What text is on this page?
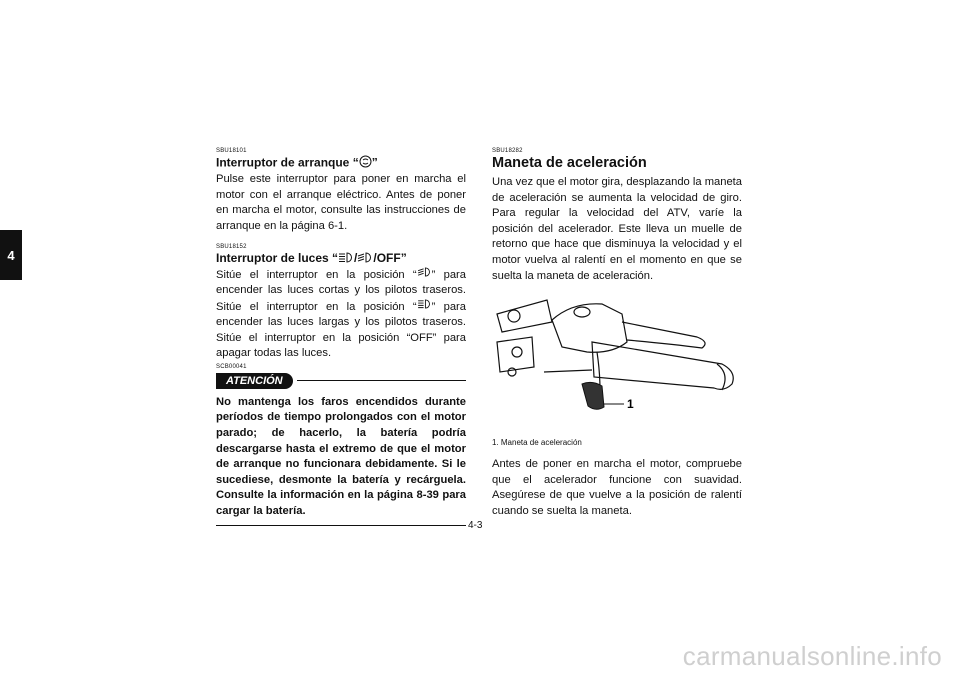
4

SBU18101

Interruptor de arranque “ ”

Pulse este interruptor para poner en marcha el motor con el arranque eléctrico. Antes de poner en marcha el motor, consulte las instrucciones de arranque en la página 6-1.

SBU18152

Interruptor de luces “ / /OFF”

Sitúe el interruptor en la posición “ ” para encender las luces cortas y los pilotos traseros. Sitúe el interruptor en la posición “ ” para encender las luces largas y los pilotos traseros. Sitúe el interruptor en la posición “OFF” para apagar todas las luces.

SCB00041

ATENCIÓN

No mantenga los faros encendidos durante períodos de tiempo prolongados con el motor parado; de hacerlo, la batería podría descargarse hasta el extremo de que el motor de arranque no funcionara debidamente. Si le sucediese, desmonte la batería y recárguela. Consulte la información en la página 8-39 para cargar la batería.

SBU18282

Maneta de aceleración

Una vez que el motor gira, desplazando la maneta de aceleración se aumenta la velocidad de giro. Para regular la velocidad del ATV, varíe la posición del acelerador. Este lleva un muelle de retorno que hace que disminuya la velocidad y el motor vuelva al ralentí en el momento en que se suelta la maneta de aceleración.

1

1. Maneta de aceleración

Antes de poner en marcha el motor, compruebe que el acelerador funcione con suavidad. Asegúrese de que vuelve a la posición de ralentí cuando se suelta la maneta.

4-3
carmanualsonline.info
